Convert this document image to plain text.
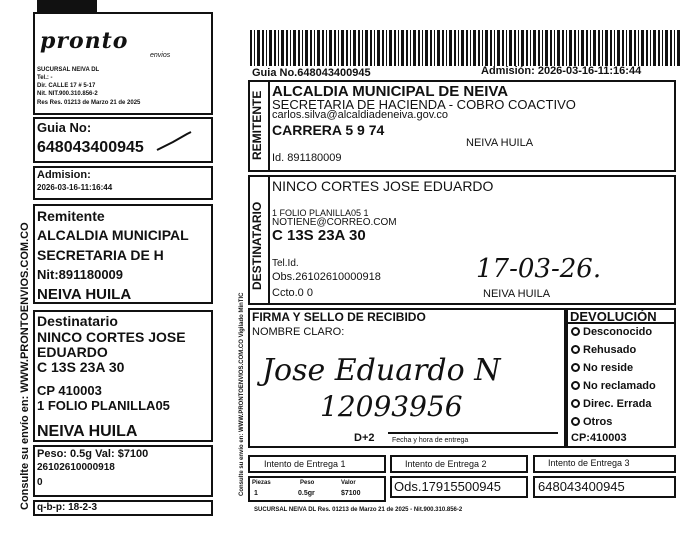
pronto
envios
SUCURSAL NEIVA DL
Tel.: -
Dir. CALLE 17 # 5-17
Nit. NIT.900.310.856-2
Res Res. 01213 de Marzo 21 de 2025
Guia No:
648043400945
Admision:
2026-03-16-11:16:44
Remitente
ALCALDIA MUNICIPAL
SECRETARIA DE H
Nit:891180009
NEIVA HUILA
Destinatario
NINCO CORTES JOSE
EDUARDO
C 13S 23A 30
CP 410003
1 FOLIO PLANILLA05
NEIVA HUILA
Peso: 0.5g Val: $7100
26102610000918
0
q-b-p: 18-2-3
Consulte su envío en: WWW.PRONTOENVIOS.COM.CO
Guia No.648043400945	Admisión: 2026-03-16-11:16:44
REMITENTE ALCALDIA MUNICIPAL DE NEIVA
SECRETARIA DE HACIENDA - COBRO COACTIVO
carlos.silva@alcaldiadeneiva.gov.co
CARRERA 5 9 74
NEIVA HUILA
Id. 891180009
DESTINATARIO
NINCO CORTES JOSE EDUARDO
1 FOLIO PLANILLA05 1
NOTIENE@CORREO.COM
C 13S 23A 30
Tel.Id.
Obs.26102610000918
Ccto.0 0	NEIVA HUILA
17-03-26.
FIRMA Y SELLO DE RECIBIDO
NOMBRE CLARO:
Jose Eduardo N
12093956
D+2	Fecha y hora de entrega
DEVOLUCIÓN
Desconocido
Rehusado
No reside
No reclamado
Direc. Errada
Otros
CP:410003
Intento de Entrega 1	Intento de Entrega 2	Intento de Entrega 3
Piezas	Peso	Valor
1	0.5gr	$7100	Ods.17915500945	648043400945
SUCURSAL NEIVA DL Res. 01213 de Marzo 21 de 2025 - Nit.900.310.856-2
Consulte su envío en: WWW.PRONTOENVIOS.COM.CO Vigilado MinTIC
